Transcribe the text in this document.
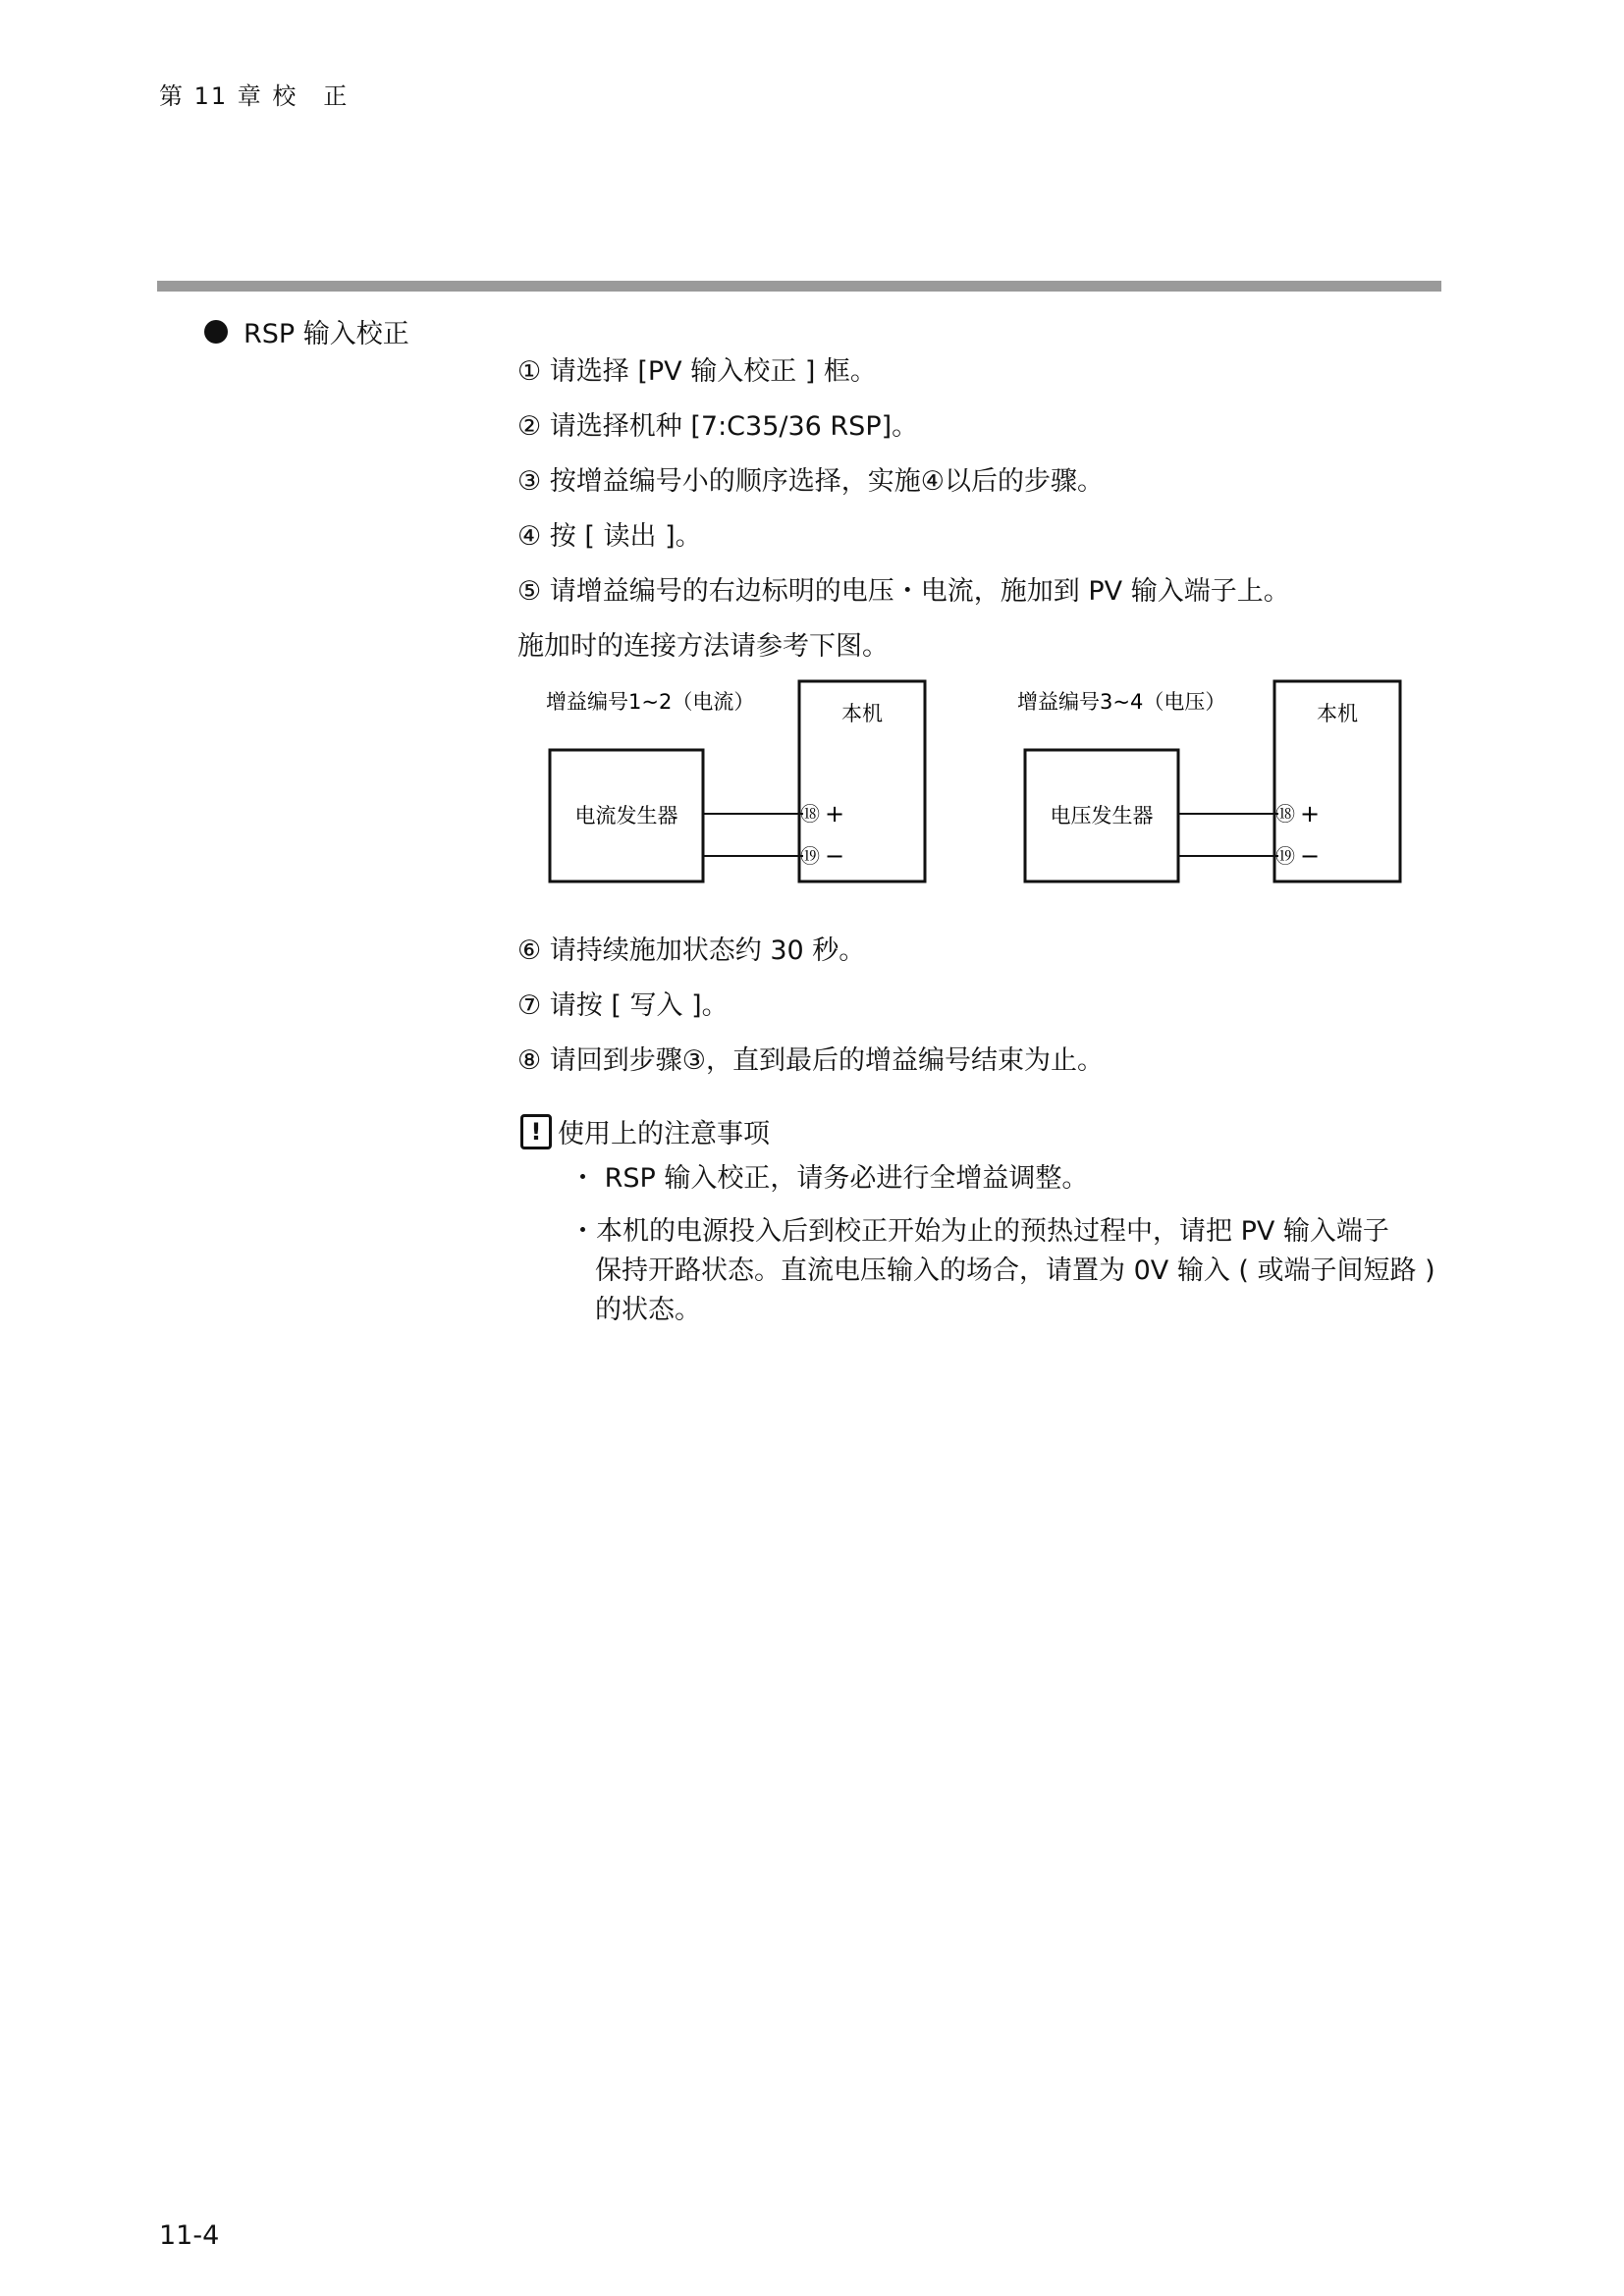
第 11 章 校　正
RSP 输入校正
① 请选择 [PV 输入校正 ] 框。
② 请选择机种 [7:C35/36 RSP]。
③ 按增益编号小的顺序选择，实施④以后的步骤。
④ 按 [ 读出 ]。
⑤ 请增益编号的右边标明的电压・电流，施加到 PV 输入端子上。
施加时的连接方法请参考下图。
增益编号1~2（电流）
电流发生器
本机
⑱ +
⑲ −
增益编号3~4（电压）
电压发生器
本机
⑱ +
⑲ −
⑥ 请持续施加状态约 30 秒。
⑦ 请按 [ 写入 ]。
⑧ 请回到步骤③，直到最后的增益编号结束为止。
! 使用上的注意事项
・ RSP 输入校正，请务必进行全增益调整。
・本机的电源投入后到校正开始为止的预热过程中，请把 PV 输入端子
保持开路状态。直流电压输入的场合，请置为 0V 输入 ( 或端子间短路 )
的状态。
11-4
